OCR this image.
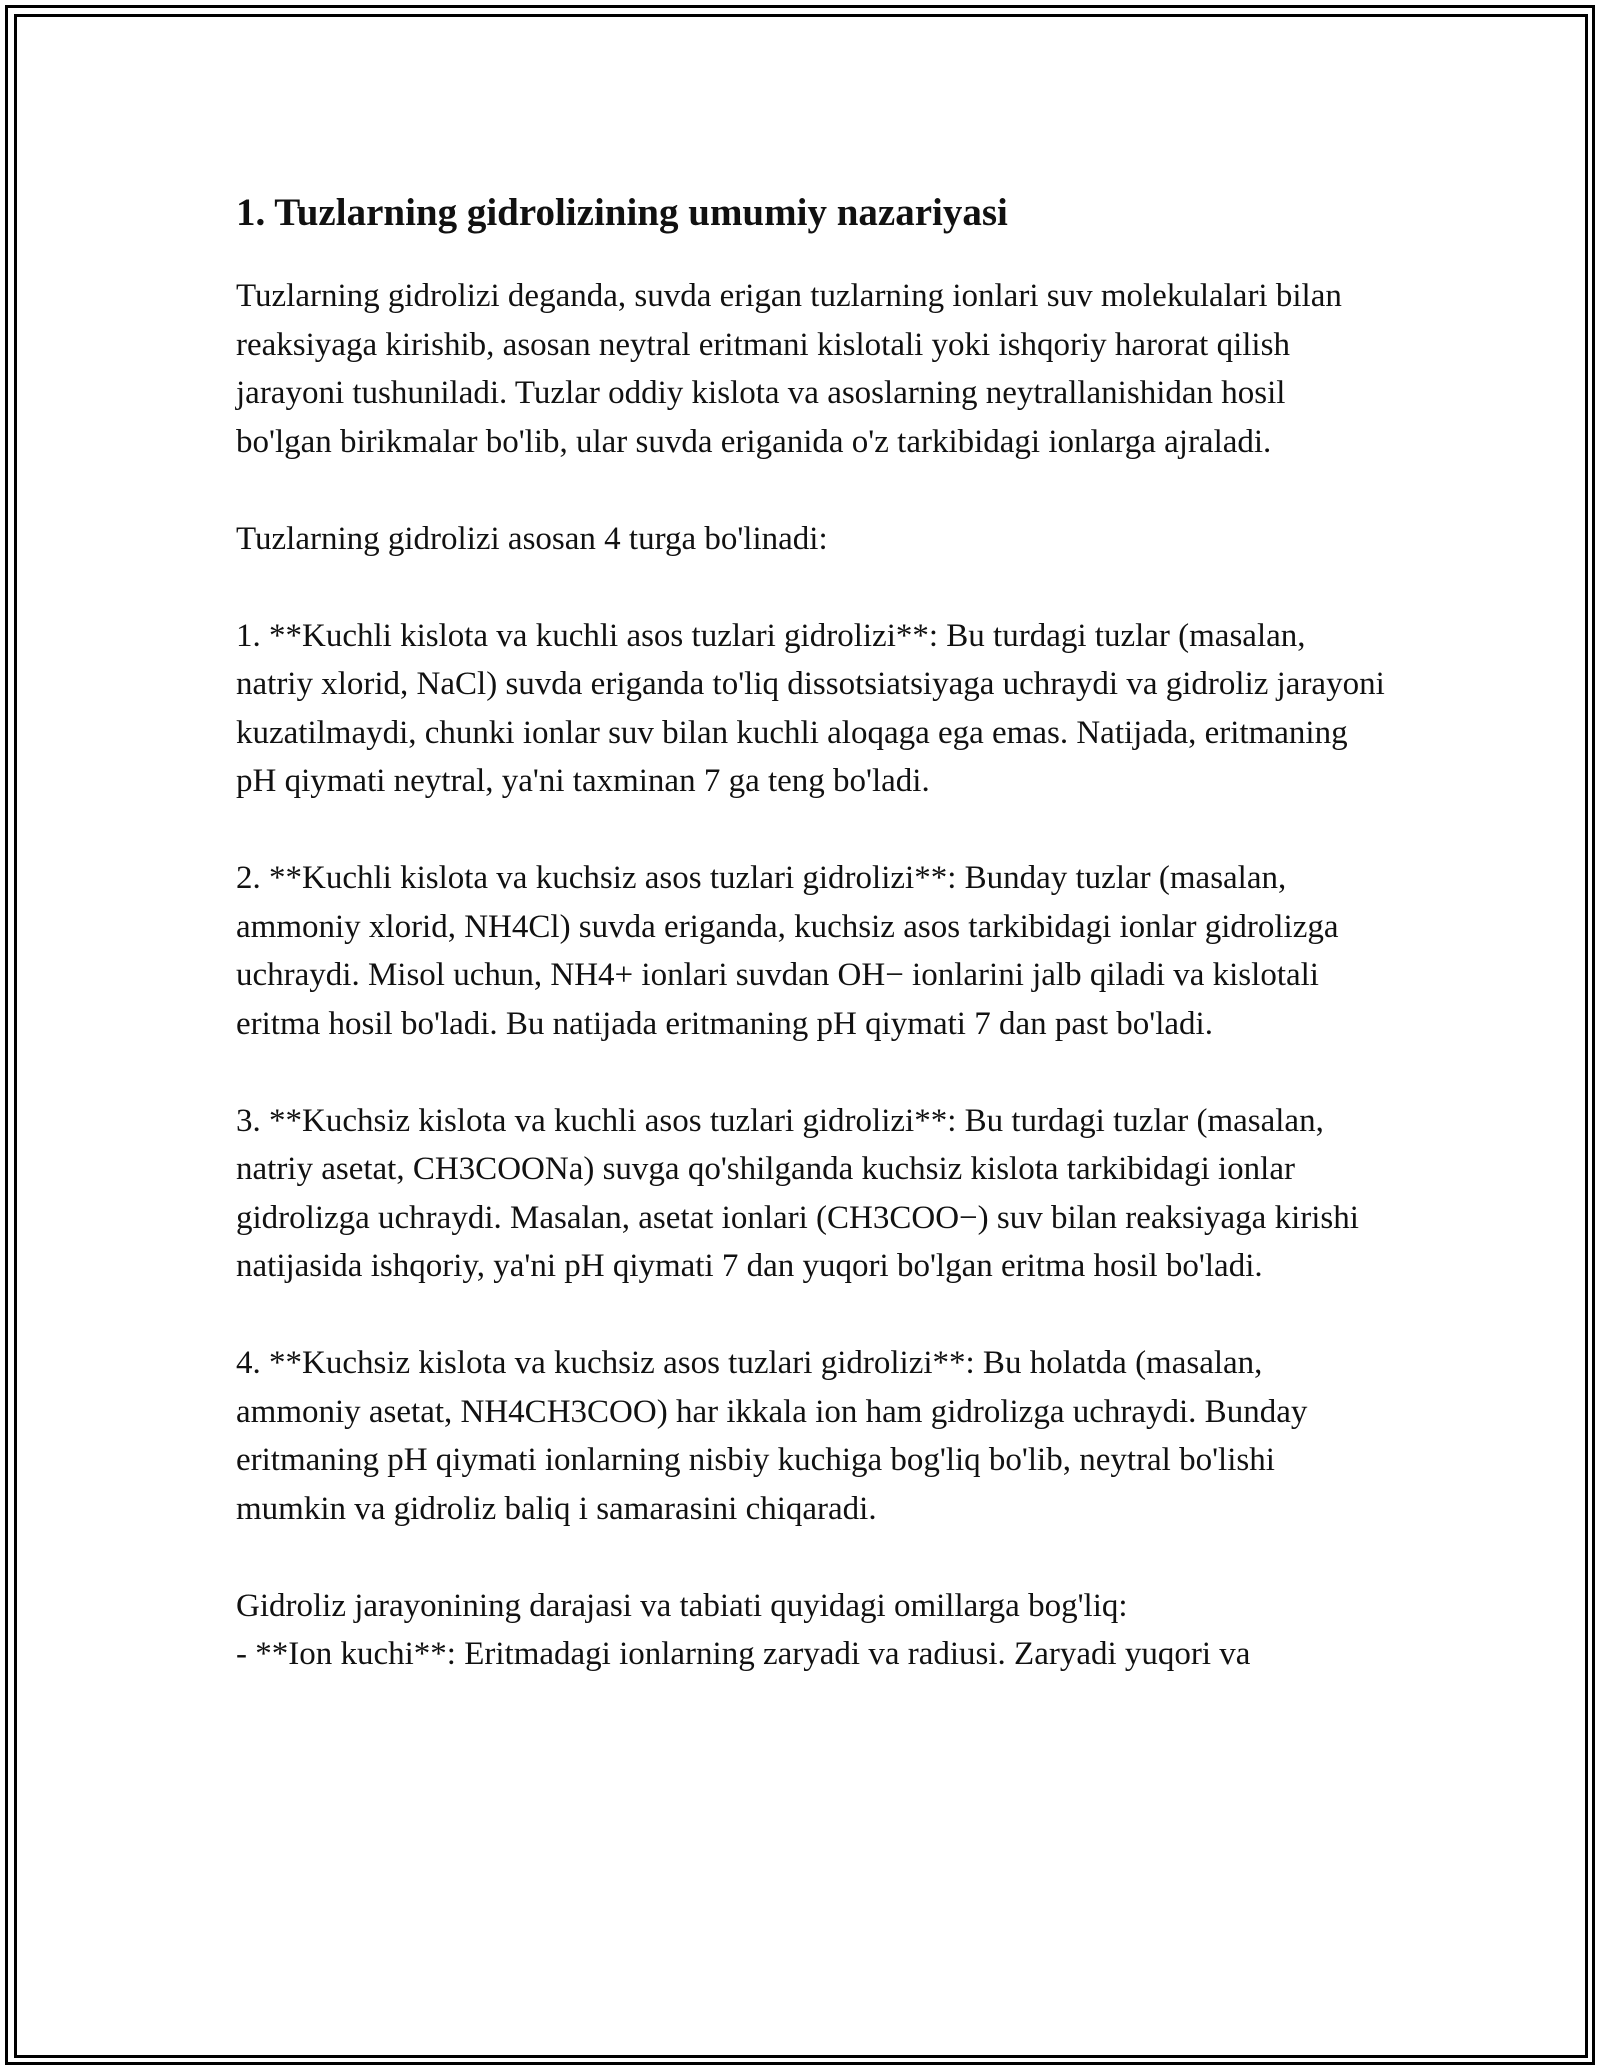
1. Tuzlarning gidrolizining umumiy nazariyasi

Tuzlarning gidrolizi deganda, suvda erigan tuzlarning ionlari suv molekulalari bilan reaksiyaga kirishib, asosan neytral eritmani kislotali yoki ishqoriy harorat qilish jarayoni tushuniladi. Tuzlar oddiy kislota va asoslarning neytrallanishidan hosil bo'lgan birikmalar bo'lib, ular suvda eriganida o'z tarkibidagi ionlarga ajraladi.

Tuzlarning gidrolizi asosan 4 turga bo'linadi:

1. **Kuchli kislota va kuchli asos tuzlari gidrolizi**: Bu turdagi tuzlar (masalan, natriy xlorid, NaCl) suvda eriganda to'liq dissotsiatsiyaga uchraydi va gidroliz jarayoni kuzatilmaydi, chunki ionlar suv bilan kuchli aloqaga ega emas. Natijada, eritmaning pH qiymati neytral, ya'ni taxminan 7 ga teng bo'ladi.

2. **Kuchli kislota va kuchsiz asos tuzlari gidrolizi**: Bunday tuzlar (masalan, ammoniy xlorid, NH4Cl) suvda eriganda, kuchsiz asos tarkibidagi ionlar gidrolizga uchraydi. Misol uchun, NH4+ ionlari suvdan OH− ionlarini jalb qiladi va kislotali eritma hosil bo'ladi. Bu natijada eritmaning pH qiymati 7 dan past bo'ladi.

3. **Kuchsiz kislota va kuchli asos tuzlari gidrolizi**: Bu turdagi tuzlar (masalan, natriy asetat, CH3COONa) suvga qo'shilganda kuchsiz kislota tarkibidagi ionlar gidrolizga uchraydi. Masalan, asetat ionlari (CH3COO−) suv bilan reaksiyaga kirishi natijasida ishqoriy, ya'ni pH qiymati 7 dan yuqori bo'lgan eritma hosil bo'ladi.

4. **Kuchsiz kislota va kuchsiz asos tuzlari gidrolizi**: Bu holatda (masalan, ammoniy asetat, NH4CH3COO) har ikkala ion ham gidrolizga uchraydi. Bunday eritmaning pH qiymati ionlarning nisbiy kuchiga bog'liq bo'lib, neytral bo'lishi mumkin va gidroliz baliq i samarasini chiqaradi.

Gidroliz jarayonining darajasi va tabiati quyidagi omillarga bog'liq:

- **Ion kuchi**: Eritmadagi ionlarning zaryadi va radiusi. Zaryadi yuqori va
